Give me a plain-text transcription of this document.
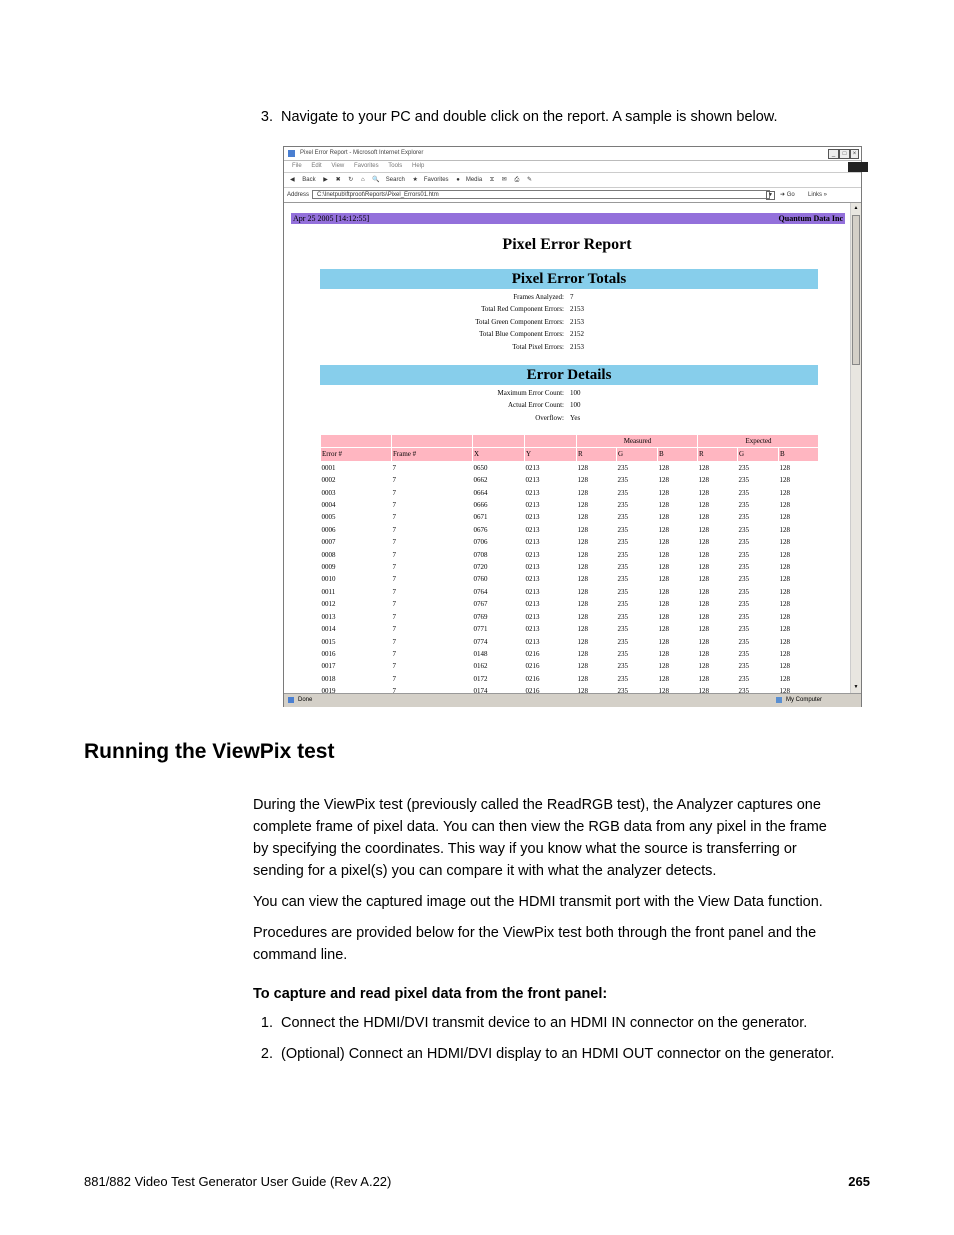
3. Navigate to your PC and double click on the report. A sample is shown below.
Pixel Error Report - Microsoft Internet Explorer	_	□	×
File Edit View Favorites Tools Help
◀ Back ▶ ✖ ↻ ⌂ 🔍 Search ★ Favorites ● Media ⧖ ✉ ⎙ ✎
Address	C:\Inetpub\ftproot\Reports\Pixel_Errors01.htm	▼	➜ Go Links »
Apr 25 2005 [14:12:55]	Quantum Data Inc
Pixel Error Report
Pixel Error Totals
Frames Analyzed: 7
Total Red Component Errors: 2153
Total Green Component Errors: 2153
Total Blue Component Errors: 2152
Total Pixel Errors: 2153
Error Details
Maximum Error Count: 100
Actual Error Count: 100
Overflow: Yes
				Measured			Expected		
Error #	Frame #	X	Y	R	G	B	R	G	B
0001	7	0650	0213	128	235	128	128	235	128
0002	7	0662	0213	128	235	128	128	235	128
0003	7	0664	0213	128	235	128	128	235	128
0004	7	0666	0213	128	235	128	128	235	128
0005	7	0671	0213	128	235	128	128	235	128
0006	7	0676	0213	128	235	128	128	235	128
0007	7	0706	0213	128	235	128	128	235	128
0008	7	0708	0213	128	235	128	128	235	128
0009	7	0720	0213	128	235	128	128	235	128
0010	7	0760	0213	128	235	128	128	235	128
0011	7	0764	0213	128	235	128	128	235	128
0012	7	0767	0213	128	235	128	128	235	128
0013	7	0769	0213	128	235	128	128	235	128
0014	7	0771	0213	128	235	128	128	235	128
0015	7	0774	0213	128	235	128	128	235	128
0016	7	0148	0216	128	235	128	128	235	128
0017	7	0162	0216	128	235	128	128	235	128
0018	7	0172	0216	128	235	128	128	235	128
0019	7	0174	0216	128	235	128	128	235	128
▲
▼
Done	My Computer
Running the ViewPix test
During the ViewPix test (previously called the ReadRGB test), the Analyzer captures one
complete frame of pixel data. You can then view the RGB data from any pixel in the frame
by specifying the coordinates. This way if you know what the source is transferring or
sending for a pixel(s) you can compare it with what the analyzer detects.
You can view the captured image out the HDMI transmit port with the View Data function.
Procedures are provided below for the ViewPix test both through the front panel and the
command line.
To capture and read pixel data from the front panel:
1. Connect the HDMI/DVI transmit device to an HDMI IN connector on the generator.
2. (Optional) Connect an HDMI/DVI display to an HDMI OUT connector on the generator.
881/882 Video Test Generator User Guide (Rev A.22)	265
